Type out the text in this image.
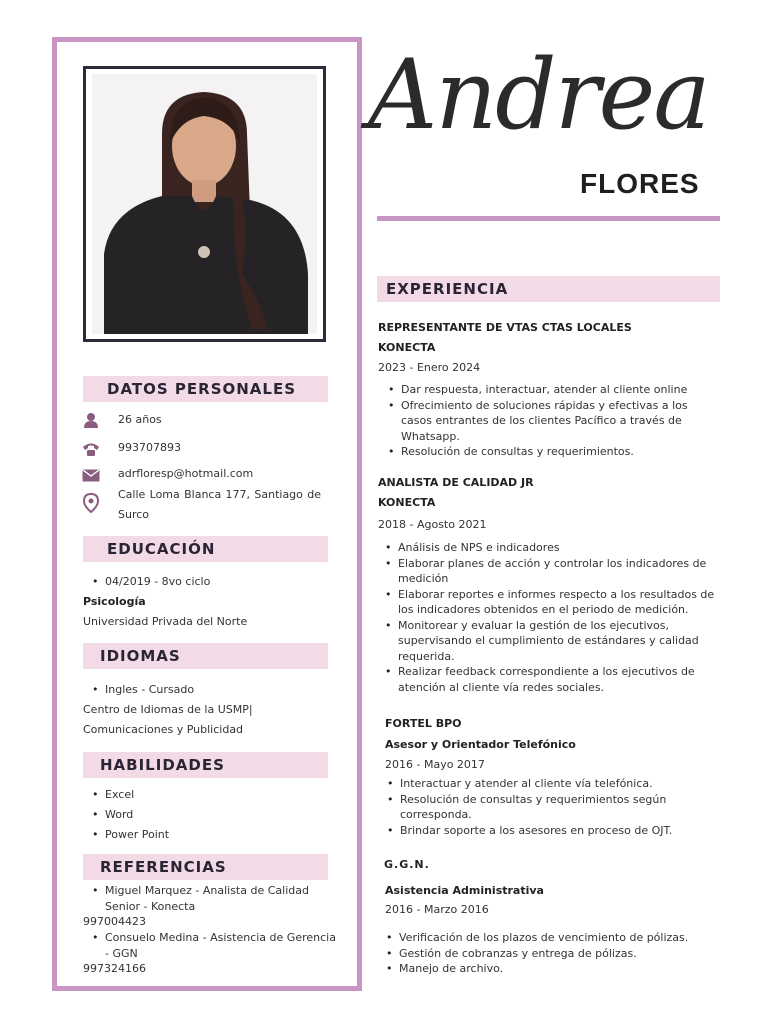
DATOS PERSONALES
26 años
993707893
adrfloresp@hotmail.com
Calle Loma Blanca 177, Santiago de
Surco
EDUCACIÓN
• 04/2019 - 8vo ciclo
Psicología
Universidad Privada del Norte
IDIOMAS
• Ingles - Cursado
Centro de Idiomas de la USMP|
Comunicaciones y Publicidad
HABILIDADES
• Excel
• Word
• Power Point
REFERENCIAS
• Miguel Marquez - Analista de Calidad
Senior - Konecta
997004423
• Consuelo Medina - Asistencia de Gerencia
- GGN
997324166
Andrea
FLORES
EXPERIENCIA
REPRESENTANTE DE VTAS CTAS LOCALES
KONECTA
2023 - Enero 2024
• Dar respuesta, interactuar, atender al cliente online
• Ofrecimiento de soluciones rápidas y efectivas a los casos entrantes de los clientes Pacífico a través de Whatsapp.
• Resolución de consultas y requerimientos.
ANALISTA DE CALIDAD JR
KONECTA
2018 - Agosto 2021
• Análisis de NPS e indicadores
• Elaborar planes de acción y controlar los indicadores de medición
• Elaborar reportes e informes respecto a los resultados de los indicadores obtenidos en el periodo de medición.
• Monitorear y evaluar la gestión de los ejecutivos, supervisando el cumplimiento de estándares y calidad requerida.
• Realizar feedback correspondiente a los ejecutivos de atención al cliente vía redes sociales.
FORTEL BPO
Asesor y Orientador Telefónico
2016 - Mayo 2017
• Interactuar y atender al cliente vía telefónica.
• Resolución de consultas y requerimientos según corresponda.
• Brindar soporte a los asesores en proceso de OJT.
G.G.N.
Asistencia Administrativa
2016 - Marzo 2016
• Verificación de los plazos de vencimiento de pólizas.
• Gestión de cobranzas y entrega de pólizas.
• Manejo de archivo.
